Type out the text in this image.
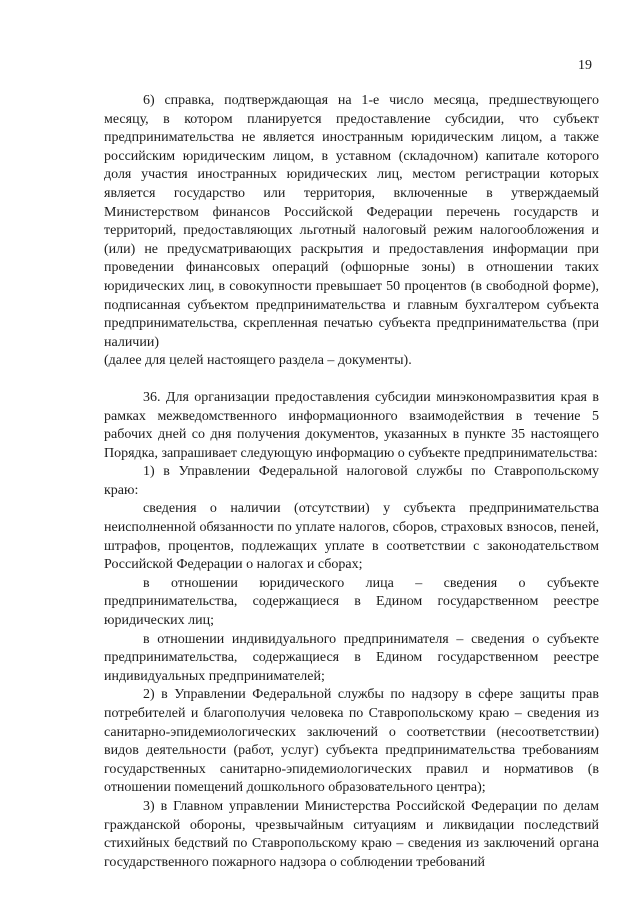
19

6) справка, подтверждающая на 1-е число месяца, предшествующего месяцу, в котором планируется предоставление субсидии, что субъект предпринимательства не является иностранным юридическим лицом, а также российским юридическим лицом, в уставном (складочном) капитале которого доля участия иностранных юридических лиц, местом регистрации которых является государство или территория, включенные в утверждаемый Министерством финансов Российской Федерации перечень государств и территорий, предоставляющих льготный налоговый режим налогообложения и (или) не предусматривающих раскрытия и предоставления информации при проведении финансовых операций (офшорные зоны) в отношении таких юридических лиц, в совокупности превышает 50 процентов (в свободной форме), подписанная субъектом предпринимательства и главным бухгалтером субъекта предпринимательства, скрепленная печатью субъекта предпринимательства (при наличии)

(далее для целей настоящего раздела – документы).

36. Для организации предоставления субсидии минэкономразвития края в рамках межведомственного информационного взаимодействия в течение 5 рабочих дней со дня получения документов, указанных в пункте 35 настоящего Порядка, запрашивает следующую информацию о субъекте предпринимательства:

1) в Управлении Федеральной налоговой службы по Ставропольскому краю:

сведения о наличии (отсутствии) у субъекта предпринимательства неисполненной обязанности по уплате налогов, сборов, страховых взносов, пеней, штрафов, процентов, подлежащих уплате в соответствии с законодательством Российской Федерации о налогах и сборах;

в отношении юридического лица – сведения о субъекте предпринимательства, содержащиеся в Едином государственном реестре юридических лиц;

в отношении индивидуального предпринимателя – сведения о субъекте предпринимательства, содержащиеся в Едином государственном реестре индивидуальных предпринимателей;

2) в Управлении Федеральной службы по надзору в сфере защиты прав потребителей и благополучия человека по Ставропольскому краю – сведения из санитарно-эпидемиологических заключений о соответствии (несоответствии) видов деятельности (работ, услуг) субъекта предпринимательства требованиям государственных санитарно-эпидемиологических правил и нормативов (в отношении помещений дошкольного образовательного центра);

3) в Главном управлении Министерства Российской Федерации по делам гражданской обороны, чрезвычайным ситуациям и ликвидации последствий стихийных бедствий по Ставропольскому краю – сведения из заключений органа государственного пожарного надзора о соблюдении требований
